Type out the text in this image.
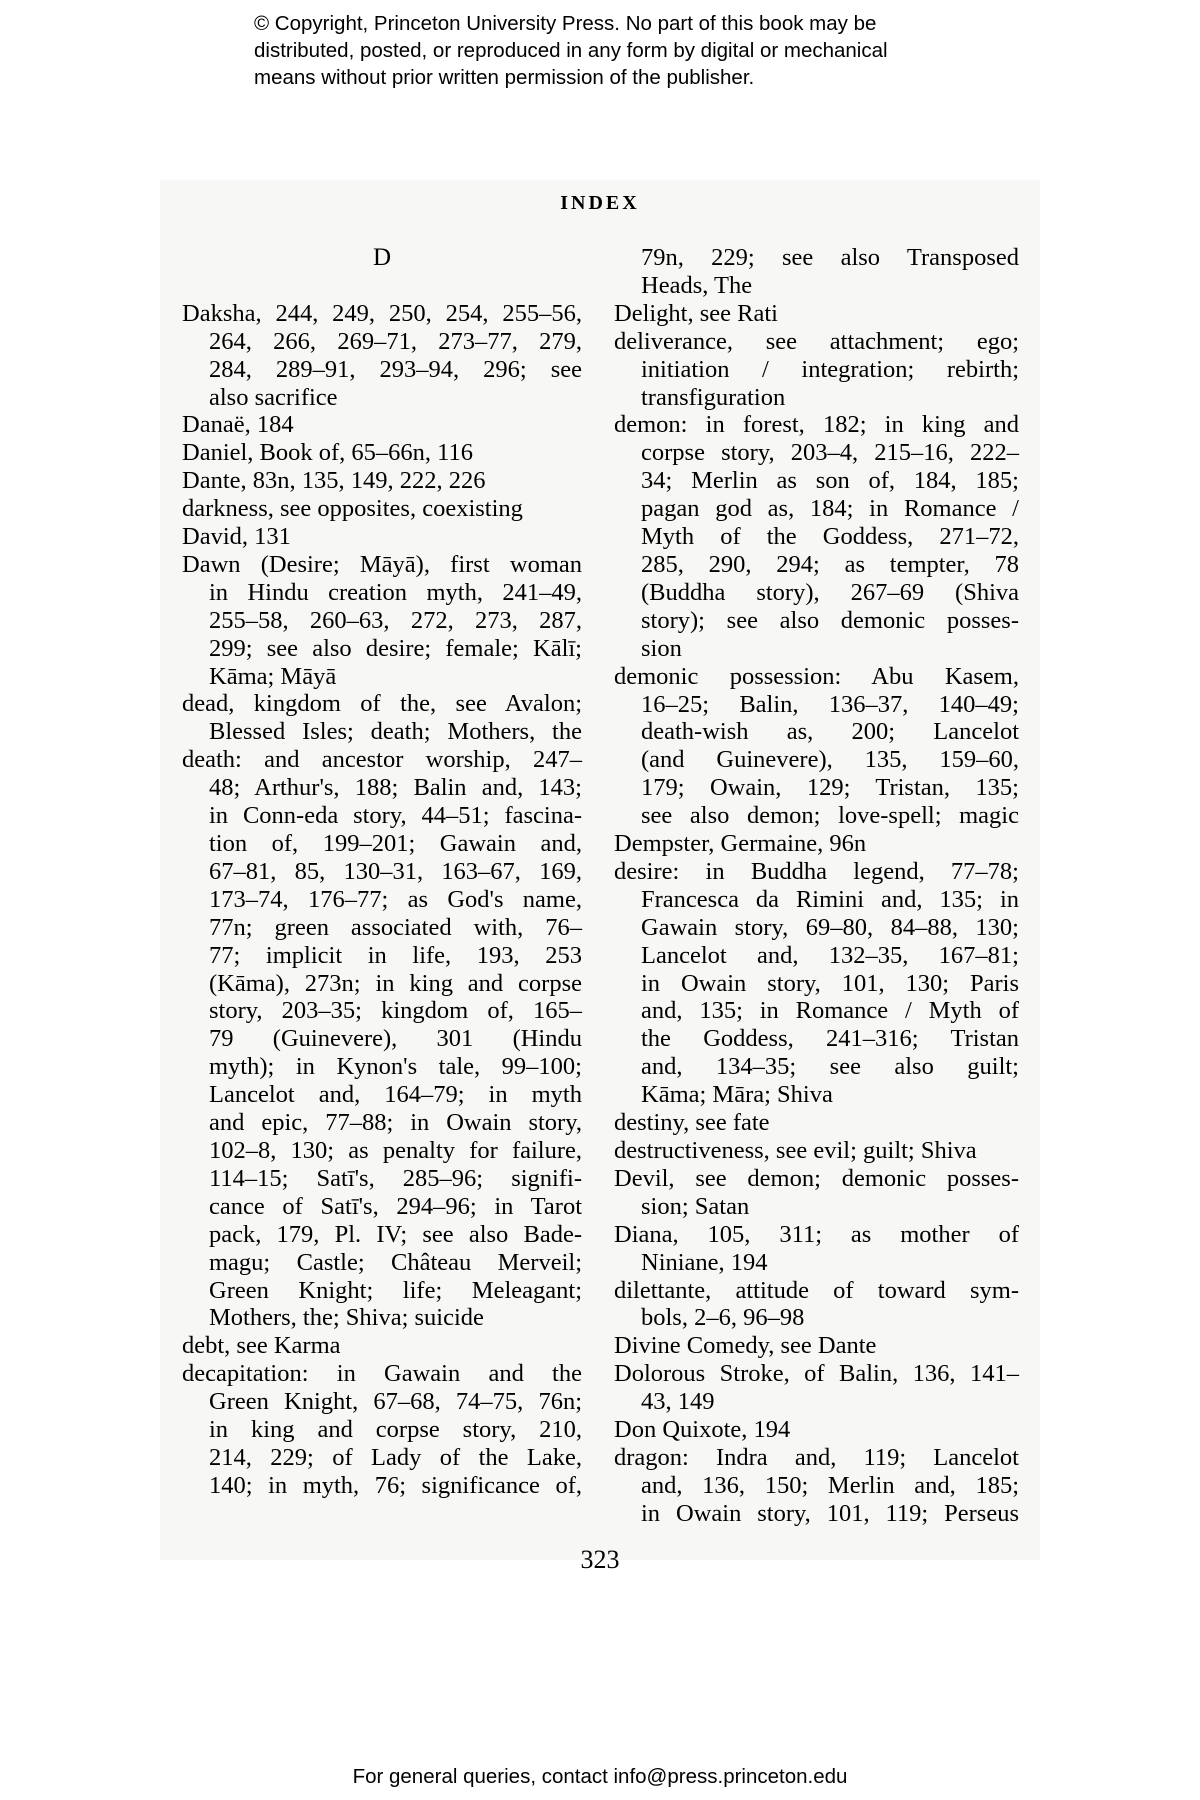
© Copyright, Princeton University Press. No part of this book may be
distributed, posted, or reproduced in any form by digital or mechanical
means without prior written permission of the publisher.
INDEX
D
Daksha, 244, 249, 250, 254, 255–56,
264, 266, 269–71, 273–77, 279,
284, 289–91, 293–94, 296; see
also sacrifice
Danaë, 184
Daniel, Book of, 65–66n, 116
Dante, 83n, 135, 149, 222, 226
darkness, see opposites, coexisting
David, 131
Dawn (Desire; Māyā), first woman
in Hindu creation myth, 241–49,
255–58, 260–63, 272, 273, 287,
299; see also desire; female; Kālī;
Kāma; Māyā
dead, kingdom of the, see Avalon;
Blessed Isles; death; Mothers, the
death: and ancestor worship, 247–
48; Arthur's, 188; Balin and, 143;
in Conn-eda story, 44–51; fascina-
tion of, 199–201; Gawain and,
67–81, 85, 130–31, 163–67, 169,
173–74, 176–77; as God's name,
77n; green associated with, 76–
77; implicit in life, 193, 253
(Kāma), 273n; in king and corpse
story, 203–35; kingdom of, 165–
79 (Guinevere), 301 (Hindu
myth); in Kynon's tale, 99–100;
Lancelot and, 164–79; in myth
and epic, 77–88; in Owain story,
102–8, 130; as penalty for failure,
114–15; Satī's, 285–96; signifi-
cance of Satī's, 294–96; in Tarot
pack, 179, Pl. IV; see also Bade-
magu; Castle; Château Merveil;
Green Knight; life; Meleagant;
Mothers, the; Shiva; suicide
debt, see Karma
decapitation: in Gawain and the
Green Knight, 67–68, 74–75, 76n;
in king and corpse story, 210,
214, 229; of Lady of the Lake,
140; in myth, 76; significance of,
79n, 229; see also Transposed
Heads, The
Delight, see Rati
deliverance, see attachment; ego;
initiation / integration; rebirth;
transfiguration
demon: in forest, 182; in king and
corpse story, 203–4, 215–16, 222–
34; Merlin as son of, 184, 185;
pagan god as, 184; in Romance /
Myth of the Goddess, 271–72,
285, 290, 294; as tempter, 78
(Buddha story), 267–69 (Shiva
story); see also demonic posses-
sion
demonic possession: Abu Kasem,
16–25; Balin, 136–37, 140–49;
death-wish as, 200; Lancelot
(and Guinevere), 135, 159–60,
179; Owain, 129; Tristan, 135;
see also demon; love-spell; magic
Dempster, Germaine, 96n
desire: in Buddha legend, 77–78;
Francesca da Rimini and, 135; in
Gawain story, 69–80, 84–88, 130;
Lancelot and, 132–35, 167–81;
in Owain story, 101, 130; Paris
and, 135; in Romance / Myth of
the Goddess, 241–316; Tristan
and, 134–35; see also guilt;
Kāma; Māra; Shiva
destiny, see fate
destructiveness, see evil; guilt; Shiva
Devil, see demon; demonic posses-
sion; Satan
Diana, 105, 311; as mother of
Niniane, 194
dilettante, attitude of toward sym-
bols, 2–6, 96–98
Divine Comedy, see Dante
Dolorous Stroke, of Balin, 136, 141–
43, 149
Don Quixote, 194
dragon: Indra and, 119; Lancelot
and, 136, 150; Merlin and, 185;
in Owain story, 101, 119; Perseus
323
For general queries, contact info@press.princeton.edu
